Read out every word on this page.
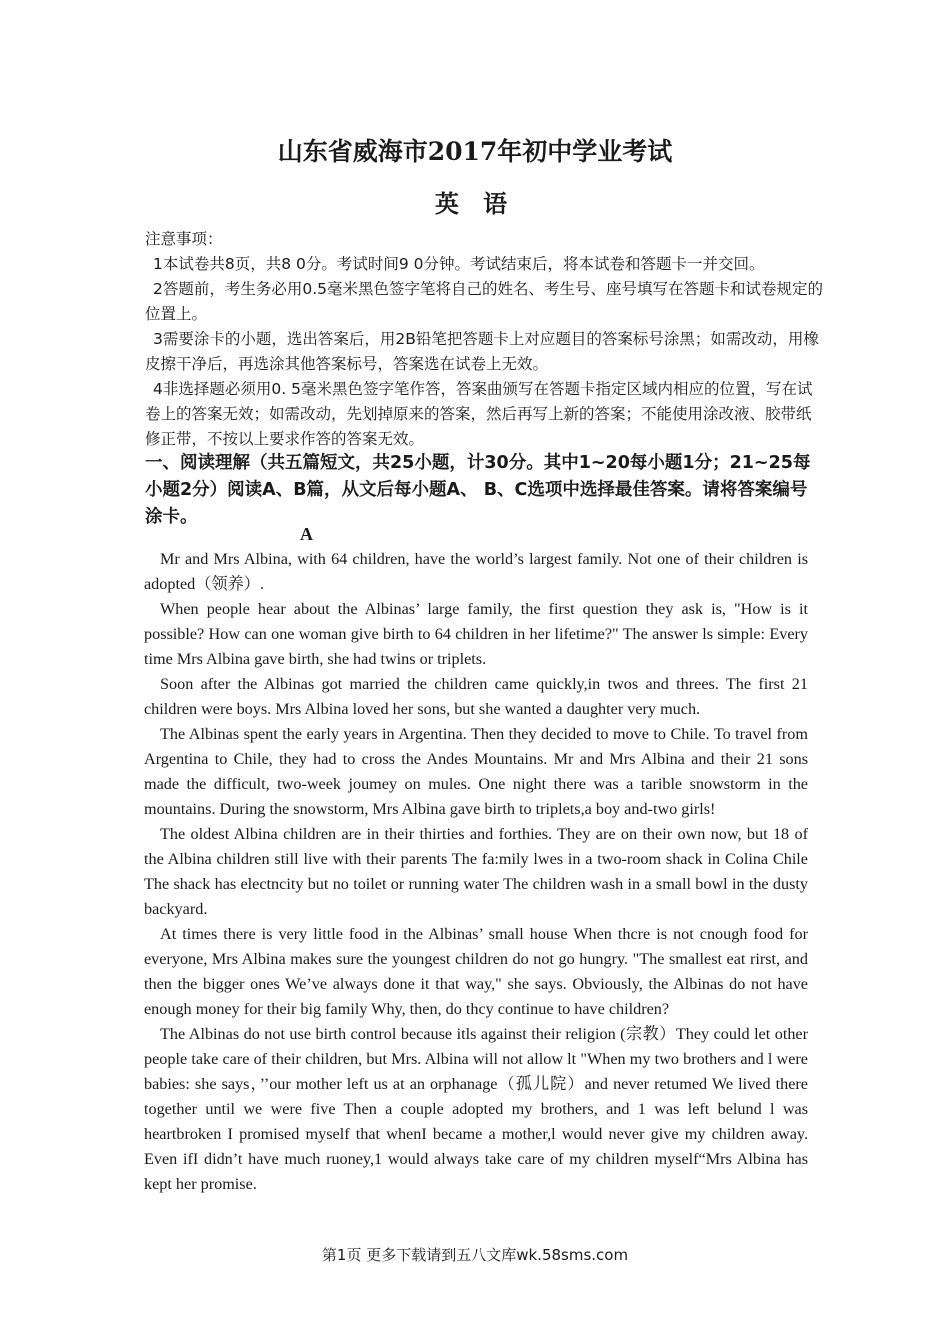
山东省威海市2017年初中学业考试
英 语

注意事项：

1本试卷共8页，共8 0分。考试时间9 0分钟。考试结束后，将本试卷和答题卡一并交回。

2答题前，考生务必用0.5毫米黑色签字笔将自己的姓名、考生号、座号填写在答题卡和试卷规定的位置上。

3需要涂卡的小题，选出答案后，用2B铅笔把答题卡上对应题目的答案标号涂黑；如需改动，用橡皮擦干净后，再选涂其他答案标号，答案选在试卷上无效。

4非选择题必须用0. 5毫米黑色签字笔作答，答案曲颁写在答题卡指定区域内相应的位置，写在试卷上的答案无效；如需改动，先划掉原来的答案，然后再写上新的答案；不能使用涂改液、胶带纸修正带，不按以上要求作答的答案无效。

一、阅读理解（共五篇短文，共25小题，计30分。其中1~20每小题1分；21~25每小题2分）阅读A、B篇，从文后每小题A、 B、C选项中选择最佳答案。请将答案编号涂卡。

A

Mr and Mrs Albina, with 64 children, have the world’s largest family. Not one of their children is adopted（领养）.

When people hear about the Albinas’ large family, the first question they ask is, "How is it possible? How can one woman give birth to 64 children in her lifetime?" The answer ls simple: Every time Mrs Albina gave birth, she had twins or triplets.

Soon after the Albinas got married the children came quickly,in twos and threes. The first 21 children were boys. Mrs Albina loved her sons, but she wanted a daughter very much.

The Albinas spent the early years in Argentina. Then they decided to move to Chile. To travel from Argentina to Chile, they had to cross the Andes Mountains. Mr and Mrs Albina and their 21 sons made the difficult, two-week joumey on mules. One night there was a tarible snowstorm in the mountains. During the snowstorm, Mrs Albina gave birth to triplets,a boy and-two girls!

The oldest Albina children are in their thirties and forthies. They are on their own now, but 18 of the Albina children still live with their parents The fa:mily lwes in a two-room shack in Colina Chile The shack has electncity but no toilet or running water The children wash in a small bowl in the dusty backyard.

At times there is very little food in the Albinas’ small house When thcre is not cnough food for everyone, Mrs Albina makes sure the youngest children do not go hungry. "The smallest eat rirst, and then the bigger ones We’ve always done it that way," she says. Obviously, the Albinas do not have enough money for their big family Why, then, do thcy continue to have children?

The Albinas do not use birth control because itls against their religion (宗教）They could let other people take care of their children, but Mrs. Albina will not allow lt "When my two brothers and l were babies: she says，’’our mother left us at an orphanage（孤儿院）and never retumed We lived there together until we were five Then a couple adopted my brothers, and 1 was left belund l was heartbroken I promised myself that whenI became a mother,l would never give my children away. Even ifI didn’t have much ruoney,1 would always take care of my children myself“Mrs Albina has kept her promise.

第1页 更多下载请到五八文库wk.58sms.com
